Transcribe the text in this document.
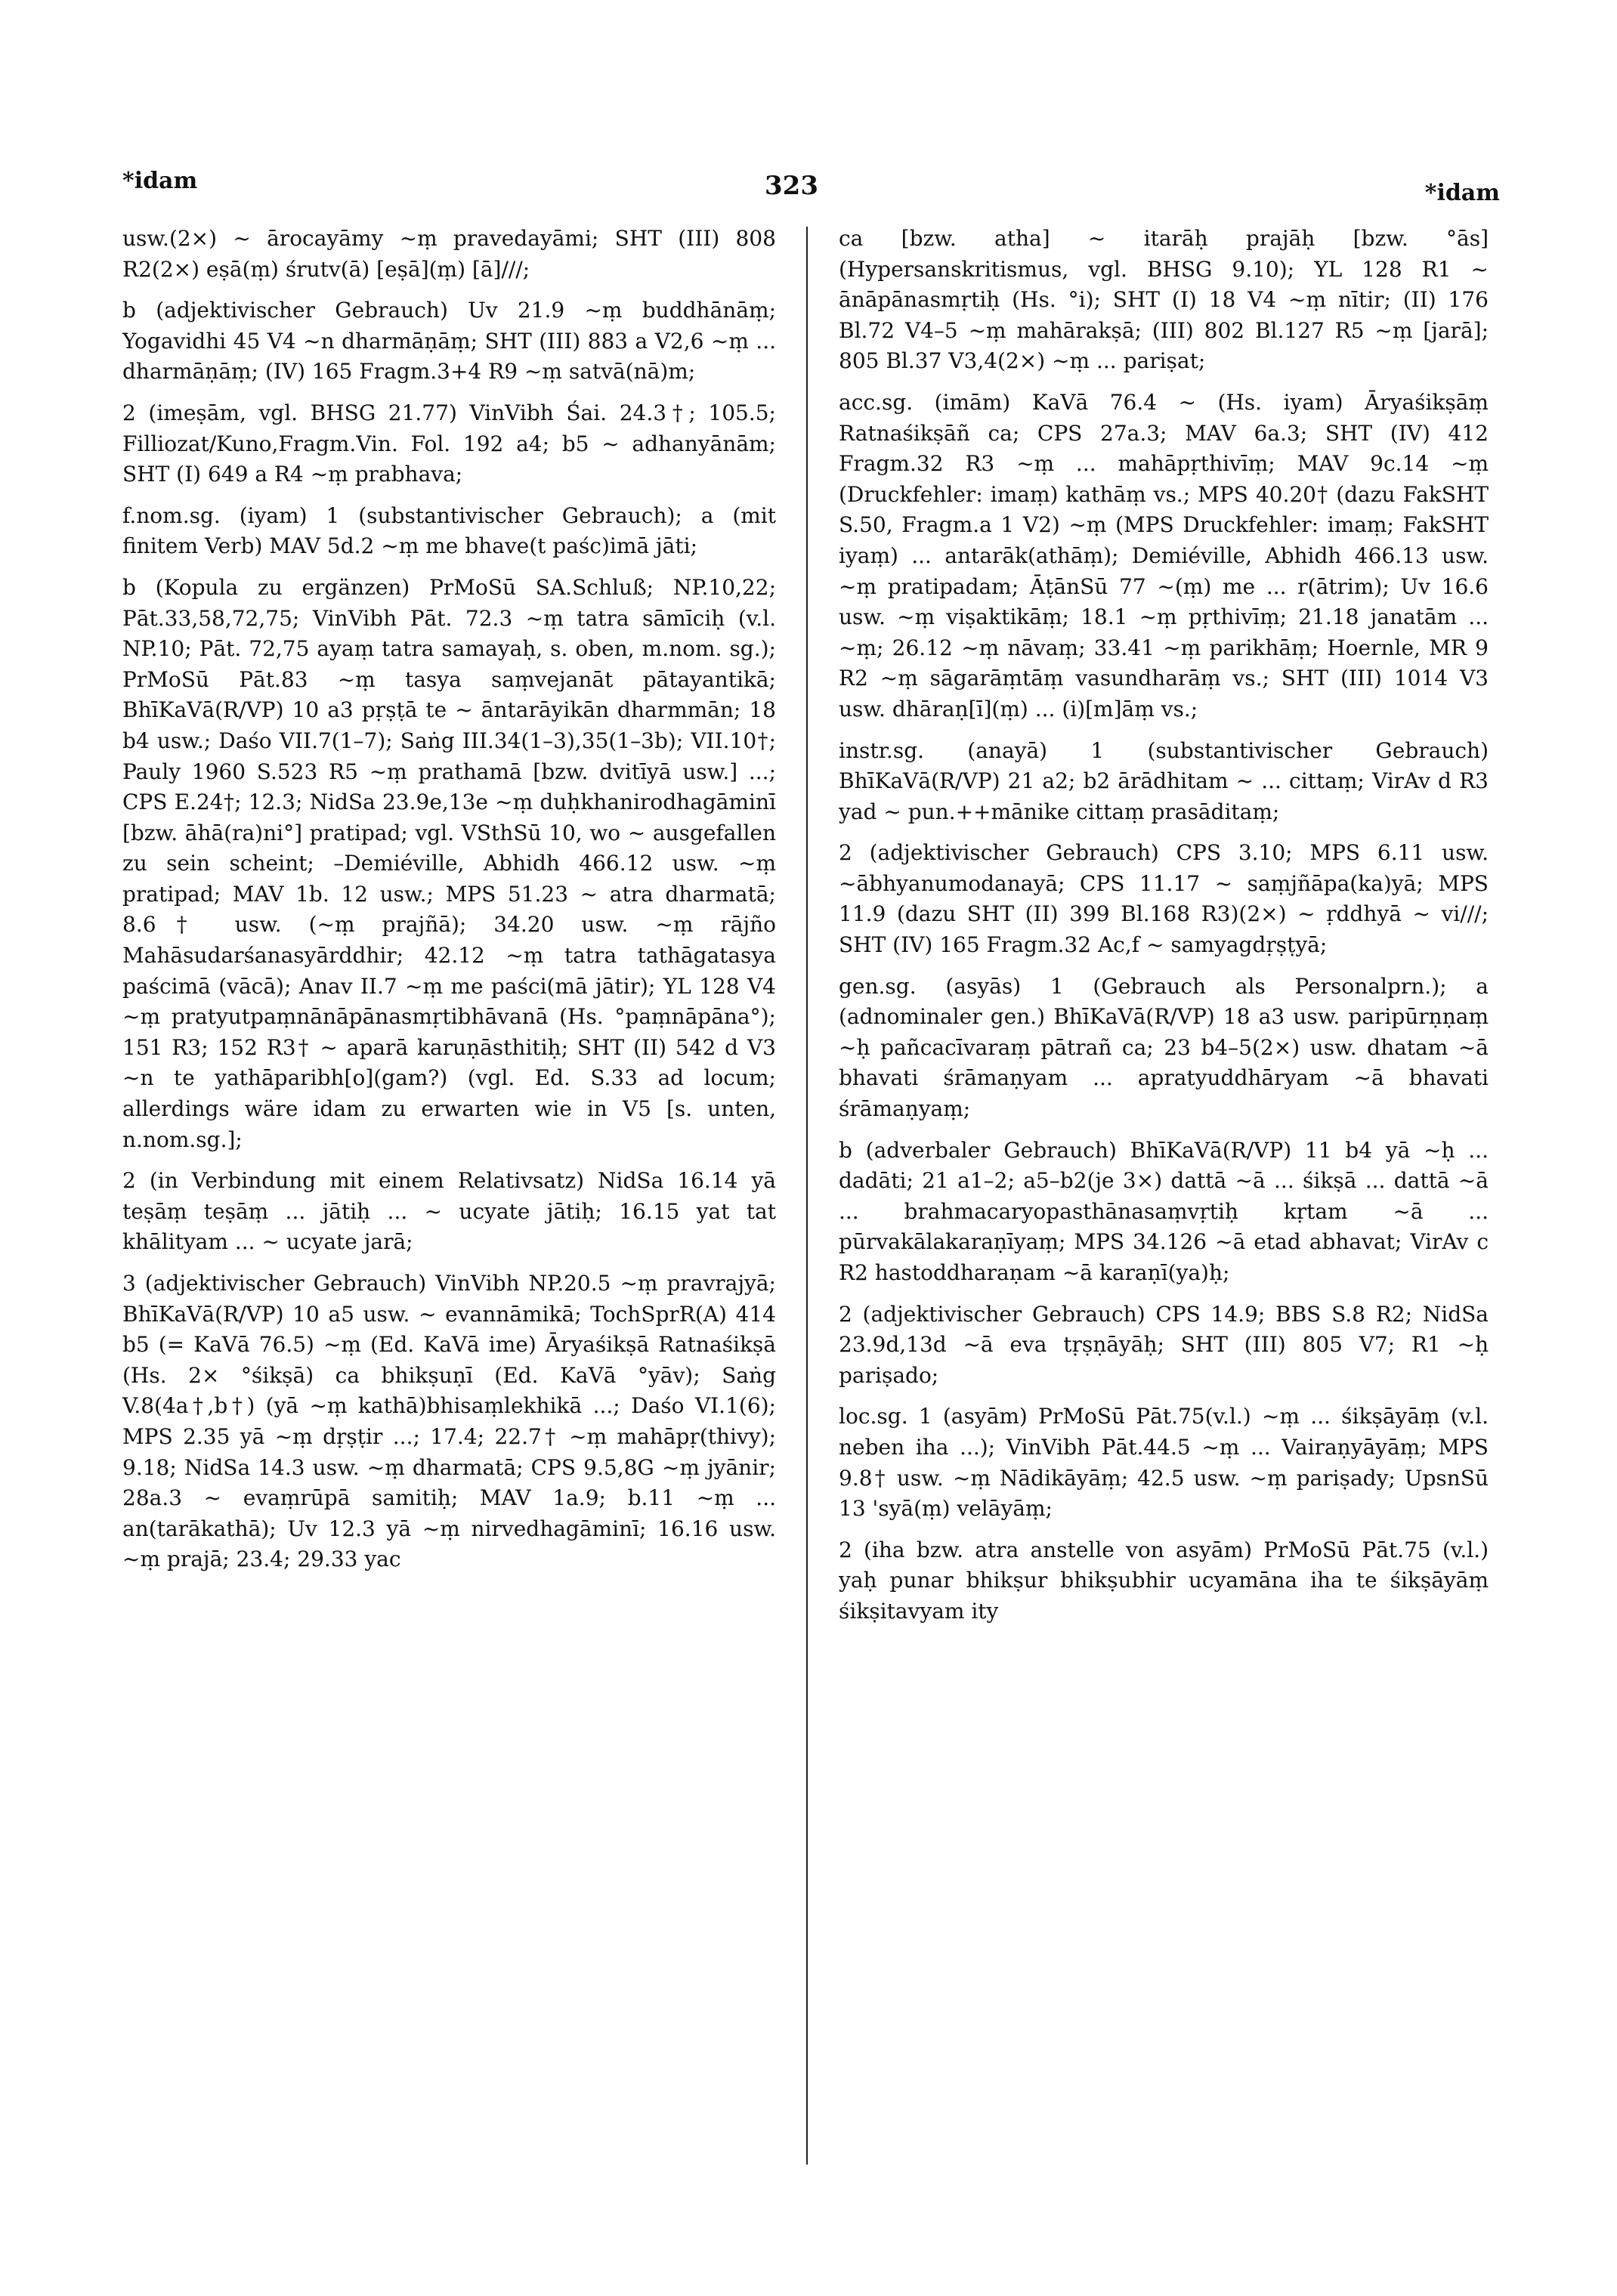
*idam	323	*idam

usw.(2×) ~ ārocayāmy ~ṃ pravedayāmi; SHT (III) 808 R2(2×) eṣā(ṃ) śrutv(ā) [eṣā](ṃ) [ā]///;

b (adjektivischer Gebrauch) Uv 21.9 ~ṃ buddhānāṃ; Yogavidhi 45 V4 ~n dharmāṇāṃ; SHT (III) 883 a V2,6 ~ṃ ... dharmāṇāṃ; (IV) 165 Fragm.3+4 R9 ~ṃ satvā(nā)m;

2 (imeṣām, vgl. BHSG 21.77) VinVibh Śai. 24.3†; 105.5; Filliozat/Kuno,Fragm.Vin. Fol. 192 a4; b5 ~ adhanyānām; SHT (I) 649 a R4 ~ṃ prabhava;

f.nom.sg. (iyam) 1 (substantivischer Gebrauch); a (mit finitem Verb) MAV 5d.2 ~ṃ me bhave(t paśc)imā jāti;

b (Kopula zu ergänzen) PrMoSū SA.Schluß; NP.10,22; Pāt.33,58,72,75; VinVibh Pāt. 72.3 ~ṃ tatra sāmīciḥ (v.l. NP.10; Pāt. 72,75 ayaṃ tatra samayaḥ, s. oben, m.nom. sg.); PrMoSū Pāt.83 ~ṃ tasya saṃvejanāt pātayantikā; BhīKaVā(R/VP) 10 a3 pṛṣṭā te ~ āntarāyikān dharmmān; 18 b4 usw.; Daśo VII.7(1–7); Saṅg III.34(1–3),35(1–3b); VII.10†; Pauly 1960 S.523 R5 ~ṃ prathamā [bzw. dvitīyā usw.] ...; CPS E.24†; 12.3; NidSa 23.9e,13e ~ṃ duḥkhanirodhagāminī [bzw. āhā(ra)ni°] pratipad; vgl. VSthSū 10, wo ~ ausgefallen zu sein scheint; –Demiéville, Abhidh 466.12 usw. ~ṃ pratipad; MAV 1b. 12 usw.; MPS 51.23 ~ atra dharmatā; 8.6† usw. (~ṃ prajñā); 34.20 usw. ~ṃ rājño Mahāsudarśanasyārddhir; 42.12 ~ṃ tatra tathāgatasya paścimā (vācā); Anav II.7 ~ṃ me paści(mā jātir); YL 128 V4 ~ṃ pratyutpaṃnānāpānasmṛtibhāvanā (Hs. °paṃnāpāna°); 151 R3; 152 R3† ~ aparā karuṇāsthitiḥ; SHT (II) 542 d V3 ~n te yathāparibh[o](gam?) (vgl. Ed. S.33 ad locum; allerdings wäre idam zu erwarten wie in V5 [s. unten, n.nom.sg.];

2 (in Verbindung mit einem Relativsatz) NidSa 16.14 yā teṣāṃ teṣāṃ ... jātiḥ ... ~ ucyate jātiḥ; 16.15 yat tat khālityam ... ~ ucyate jarā;

3 (adjektivischer Gebrauch) VinVibh NP.20.5 ~ṃ pravrajyā; BhīKaVā(R/VP) 10 a5 usw. ~ evannāmikā; TochSprR(A) 414 b5 (= KaVā 76.5) ~ṃ (Ed. KaVā ime) Āryaśikṣā Ratnaśikṣā (Hs. 2× °śikṣā) ca bhikṣuṇī (Ed. KaVā °yāv); Saṅg V.8(4a†,b†) (yā ~ṃ kathā)bhisaṃlekhikā ...; Daśo VI.1(6); MPS 2.35 yā ~ṃ dṛṣṭir ...; 17.4; 22.7† ~ṃ mahāpṛ(thivy); 9.18; NidSa 14.3 usw. ~ṃ dharmatā; CPS 9.5,8G ~ṃ jyānir; 28a.3 ~ evaṃrūpā samitiḥ; MAV 1a.9; b.11 ~ṃ ... an(tarākathā); Uv 12.3 yā ~ṃ nirvedhagāminī; 16.16 usw. ~ṃ prajā; 23.4; 29.33 yac

ca [bzw. atha] ~ itarāḥ prajāḥ [bzw. °ās] (Hypersanskritismus, vgl. BHSG 9.10); YL 128 R1 ~ ānāpānasmṛtiḥ (Hs. °i); SHT (I) 18 V4 ~ṃ nītir; (II) 176 Bl.72 V4–5 ~ṃ mahārakṣā; (III) 802 Bl.127 R5 ~ṃ [jarā]; 805 Bl.37 V3,4(2×) ~ṃ ... pariṣat;

acc.sg. (imām) KaVā 76.4 ~ (Hs. iyam) Āryaśikṣāṃ Ratnaśikṣāñ ca; CPS 27a.3; MAV 6a.3; SHT (IV) 412 Fragm.32 R3 ~ṃ ... mahāpṛthivīṃ; MAV 9c.14 ~ṃ (Druckfehler: imaṃ) kathāṃ vs.; MPS 40.20† (dazu FakSHT S.50, Fragm.a 1 V2) ~ṃ (MPS Druckfehler: imaṃ; FakSHT iyaṃ) ... antarāk(athāṃ); Demiéville, Abhidh 466.13 usw. ~ṃ pratipadam; ĀṭānSū 77 ~(ṃ) me ... r(ātrim); Uv 16.6 usw. ~ṃ viṣaktikāṃ; 18.1 ~ṃ pṛthivīṃ; 21.18 janatām ... ~ṃ; 26.12 ~ṃ nāvaṃ; 33.41 ~ṃ parikhāṃ; Hoernle, MR 9 R2 ~ṃ sāgarāṃtāṃ vasundharāṃ vs.; SHT (III) 1014 V3 usw. dhāraṇ[ī](ṃ) ... (i)[m]āṃ vs.;

instr.sg. (anayā) 1 (substantivischer Gebrauch) BhīKaVā(R/VP) 21 a2; b2 ārādhitam ~ ... cittaṃ; VirAv d R3 yad ~ pun.++mānike cittaṃ prasāditaṃ;

2 (adjektivischer Gebrauch) CPS 3.10; MPS 6.11 usw. ~ābhyanumodanayā; CPS 11.17 ~ saṃjñāpa(ka)yā; MPS 11.9 (dazu SHT (II) 399 Bl.168 R3)(2×) ~ ṛddhyā ~ vi///; SHT (IV) 165 Fragm.32 Ac,f ~ samyagdṛṣṭyā;

gen.sg. (asyās) 1 (Gebrauch als Personalprn.); a (adnominaler gen.) BhīKaVā(R/VP) 18 a3 usw. paripūrṇṇaṃ ~ḥ pañcacīvaraṃ pātrañ ca; 23 b4–5(2×) usw. dhatam ~ā bhavati śrāmaṇyam ... apratyuddhāryam ~ā bhavati śrāmaṇyaṃ;

b (adverbaler Gebrauch) BhīKaVā(R/VP) 11 b4 yā ~ḥ ... dadāti; 21 a1–2; a5–b2(je 3×) dattā ~ā ... śikṣā ... dattā ~ā ... brahmacaryopasthānasaṃvṛtiḥ kṛtam ~ā ... pūrvakālakaraṇīyaṃ; MPS 34.126 ~ā etad abhavat; VirAv c R2 hastoddharaṇam ~ā karaṇī(ya)ḥ;

2 (adjektivischer Gebrauch) CPS 14.9; BBS S.8 R2; NidSa 23.9d,13d ~ā eva tṛṣṇāyāḥ; SHT (III) 805 V7; R1 ~ḥ pariṣado;

loc.sg. 1 (asyām) PrMoSū Pāt.75(v.l.) ~ṃ ... śikṣāyāṃ (v.l. neben iha ...); VinVibh Pāt.44.5 ~ṃ ... Vairaṇyāyāṃ; MPS 9.8† usw. ~ṃ Nādikāyāṃ; 42.5 usw. ~ṃ pariṣady; UpsnSū 13 'syā(ṃ) velāyāṃ;

2 (iha bzw. atra anstelle von asyām) PrMoSū Pāt.75 (v.l.) yaḥ punar bhikṣur bhikṣubhir ucyamāna iha te śikṣāyāṃ śikṣitavyam ity
